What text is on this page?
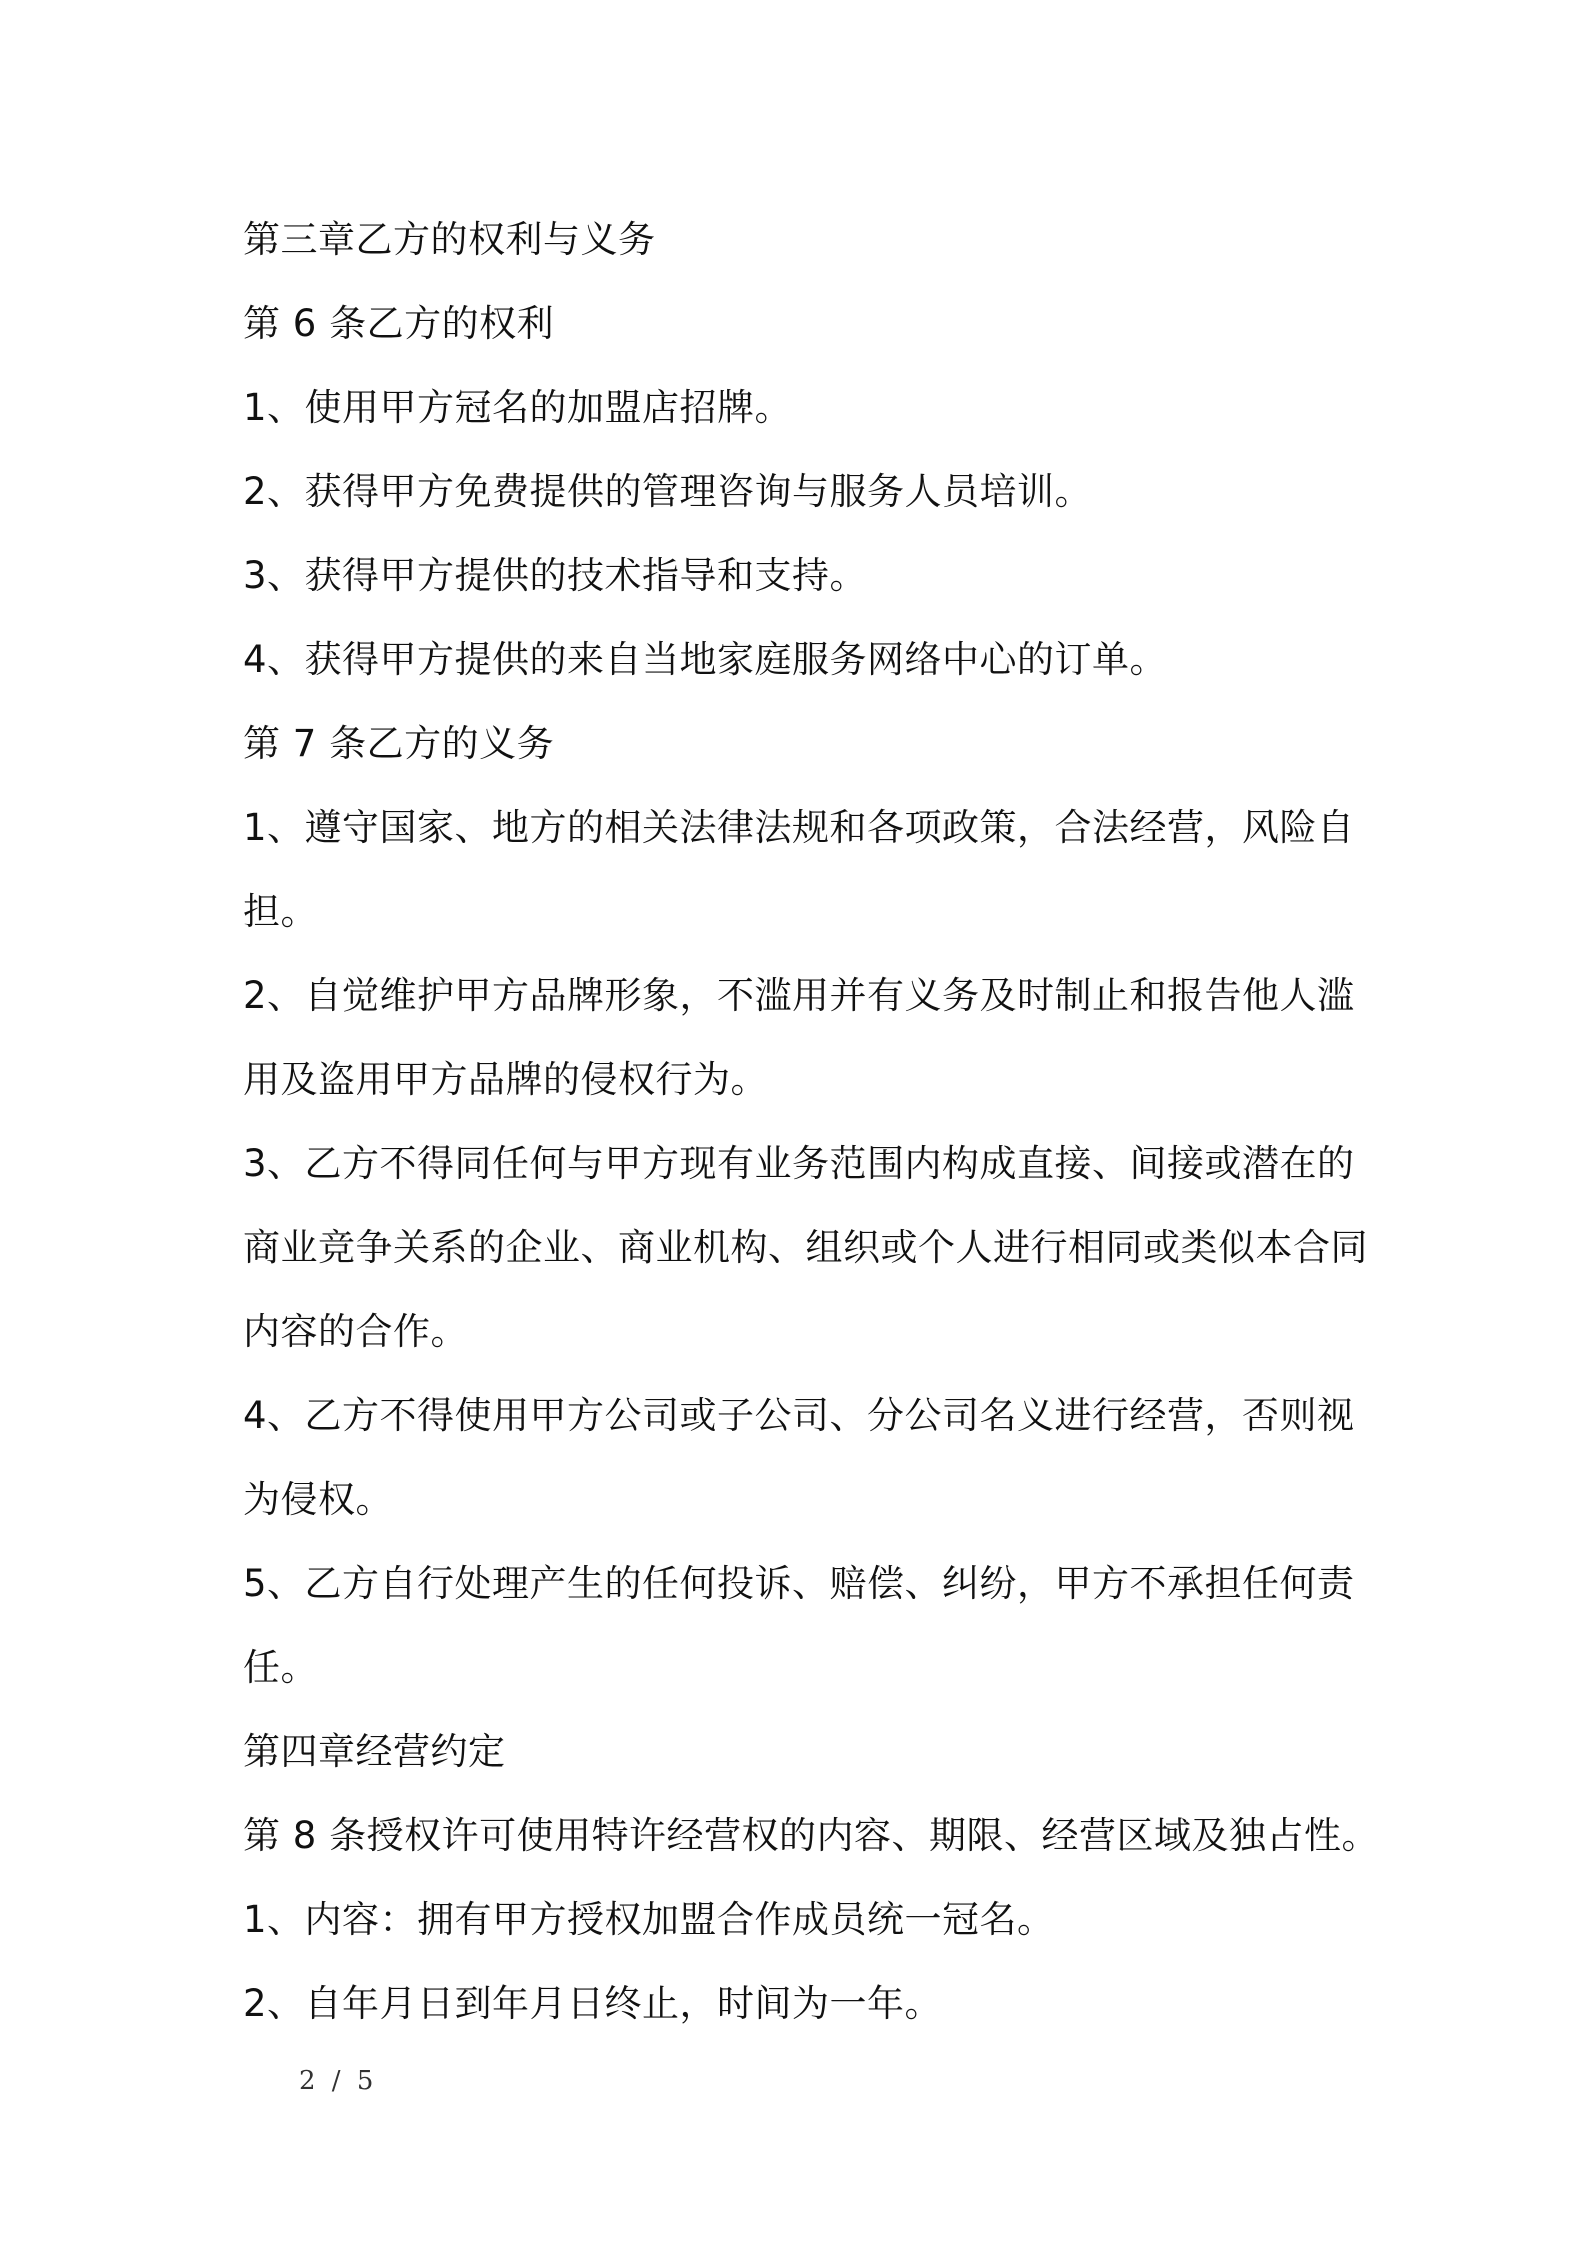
第三章乙方的权利与义务
第 6 条乙方的权利
1、使用甲方冠名的加盟店招牌。
2、获得甲方免费提供的管理咨询与服务人员培训。
3、获得甲方提供的技术指导和支持。
4、获得甲方提供的来自当地家庭服务网络中心的订单。
第 7 条乙方的义务
1、遵守国家、地方的相关法律法规和各项政策，合法经营，风险自
担。
2、自觉维护甲方品牌形象，不滥用并有义务及时制止和报告他人滥
用及盗用甲方品牌的侵权行为。
3、乙方不得同任何与甲方现有业务范围内构成直接、间接或潜在的
商业竞争关系的企业、商业机构、组织或个人进行相同或类似本合同
内容的合作。
4、乙方不得使用甲方公司或子公司、分公司名义进行经营，否则视
为侵权。
5、乙方自行处理产生的任何投诉、赔偿、纠纷，甲方不承担任何责
任。
第四章经营约定
第 8 条授权许可使用特许经营权的内容、期限、经营区域及独占性。
1、内容：拥有甲方授权加盟合作成员统一冠名。
2、自年月日到年月日终止，时间为一年。
2 / 5
